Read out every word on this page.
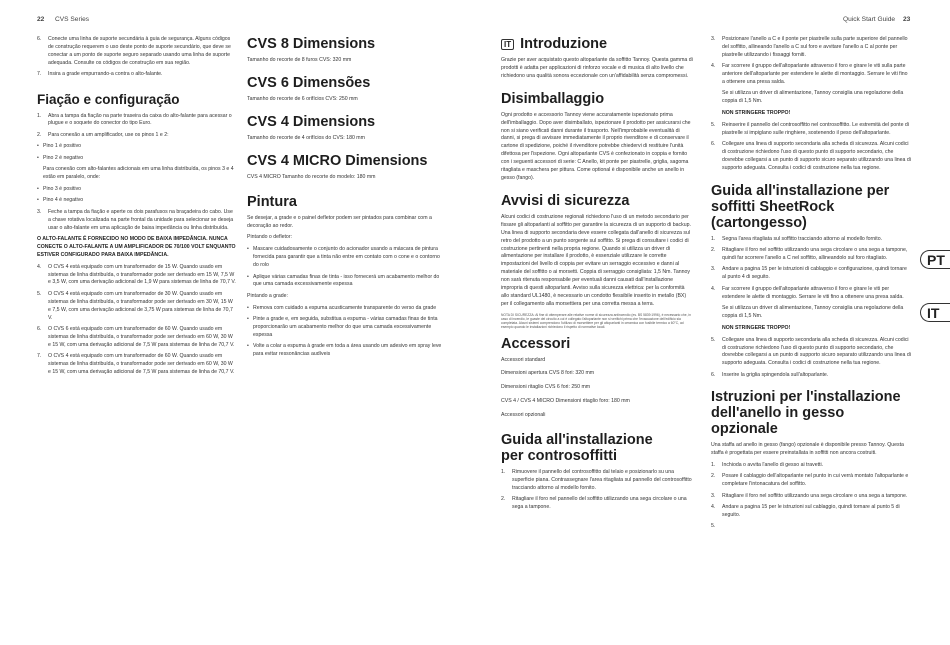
22 CVS Series	Quick Start Guide 23
6.	Conecte uma linha de suporte secundária à guia de segurança. Alguns códigos de construção requerem o uso deste ponto de suporte secundário, que deve se conectar a um ponto de suporte seguro separado usando uma linha de suporte adequada. Consulte os códigos de construção em sua região.
7.	Insira a grade empurrando-a contra o alto-falante.
Fiação e configuração
1.	Abra a tampa da fiação na parte traseira da caixa do alto-falante para acessar o plugue e o soquete do conector do tipo Euro.
2.	Para conexão a um amplificador, use os pinos 1 e 2:
• Pino 1 é positivo
• Pino 2 é negativo

Para conexão com alto-falantes adicionais em uma linha distribuída, os pinos 3 e 4 estão em paralelo, onde:

• Pino 3 é positivo
• Pino 4 é negativo
3.	Feche a tampa da fiação e aperte os dois parafusos na braçadeira do cabo. Use a chave rotativa localizada na parte frontal da unidade para selecionar se deseja usar o alto-falante em uma aplicação de baixa impedância ou linha distribuída.

O ALTO-FALANTE É FORNECIDO NO MODO DE BAIXA IMPEDÂNCIA. NUNCA CONECTE O ALTO-FALANTE A UM AMPLIFICADOR DE 70/100 VOLT ENQUANTO ESTIVER CONFIGURADO PARA BAIXA IMPEDÂNCIA.

4.	O CVS 4 está equipado com um transformador de 15 W. Quando usado em sistemas de linha distribuída, o transformador pode ser derivado em 15 W, 7,5 W e 3,5 W, com uma derivação adicional de 1,9 W para sistemas de linha de 70,7 V.
5.	O CVS 4 está equipado com um transformador de 30 W. Quando usado em sistemas de linha distribuída, o transformador pode ser derivado em 30 W, 15 W e 7,5 W, com uma derivação adicional de 3,75 W para sistemas de linha de 70,7 V.
6.	O CVS 6 está equipado com um transformador de 60 W. Quando usado em sistemas de linha distribuída, o transformador pode ser derivado em 60 W, 30 W e 15 W, com uma derivação adicional de 7,5 W para sistemas de linha de 70,7 V.
7.	O CVS 4 está equipado com um transformador de 60 W. Quando usado em sistemas de linha distribuída, o transformador pode ser derivado em 60 W, 30 W e 15 W, com uma derivação adicional de 7,5 W para sistemas de linha de 70,7 V.
CVS 8 Dimensions

Tamanho do recorte de 8 furos CVS: 320 mm

CVS 6 Dimensões

Tamanho do recorte de 6 orifícios CVS: 250 mm

CVS 4 Dimensions

Tamanho do recorte de 4 orifícios do CVS: 180 mm

CVS 4 MICRO Dimensions

CVS 4 MICRO Tamanho do recorte do modelo: 180 mm

Pintura

Se desejar, a grade e o painel defletor podem ser pintados para combinar com a decoração ao redor.

Pintando o defletor:

• Mascare cuidadosamente o conjunto do acionador usando a máscara de pintura fornecida para garantir que a tinta não entre em contato com o cone e o contorno do rolo
• Aplique várias camadas finas de tinta - isso fornecerá um acabamento melhor do que uma camada excessivamente espessa

Pintando a grade:

• Remova com cuidado a espuma acusticamente transparente do verso da grade
• Pinte a grade e, em seguida, substitua a espuma - várias camadas finas de tinta proporcionarão um acabamento melhor do que uma camada excessivamente espessa
• Volte a colar a espuma à grade em toda a área usando um adesivo em spray leve para evitar ressonâncias audíveis
IT Introduzione

Grazie per aver acquistato questo altoparlante da soffitto Tannoy. Questa gamma di prodotti è adatta per applicazioni di rinforzo vocale e di musica di alto livello che richiedono una qualità sonora eccezionale con un'affidabilità senza compromessi.

Disimballaggio

Ogni prodotto e accessorio Tannoy viene accuratamente ispezionato prima dell'imballaggio. Dopo aver disimballato, ispezionare il prodotto per assicurarsi che non si siano verificati danni durante il trasporto. Nell'improbabile eventualità di danni, si prega di avvisare immediatamente il proprio rivenditore e di conservare il cartone di spedizione, poiché il rivenditore potrebbe chiedervi di restituire l'unità difettosa per l'ispezione. Ogni altoparlante CVS è confezionato in coppia e fornito con i seguenti accessori di serie: C Anello, kit ponte per piastrelle, griglia, sagoma ritagliata e maschera per pittura. Come optional è disponibile anche un anello in gesso (fango).

Avvisi di sicurezza

Alcuni codici di costruzione regionali richiedono l'uso di un metodo secondario per fissare gli altoparlanti al soffitto per garantire la sicurezza di un supporto di backup. Una linea di supporto secondaria deve essere collegata dall'anello di sicurezza sul retro del prodotto a un punto sorgente sul soffitto. Si prega di consultare i codici di costruzione pertinenti nella propria regione. Quando si utilizza un driver di alimentazione per installare il prodotto, è essenziale utilizzare le corrette impostazioni del livello di coppia per evitare un serraggio eccessivo e danni al materiale del soffitto o ai morsetti. Coppia di serraggio consigliata: 1,5 Nm. Tannoy non sarà ritenuta responsabile per eventuali danni causati dall'installazione impropria di questi altoparlanti. Avviso sulla sicurezza elettrica: per la conformità allo standard UL1480, è necessario un condotto flessibile inserito in metallo (BX) per il collegamento alla morsettiera per una corretta messa a terra.

NOTA DI SICUREZZA: Al fine di ottemperare alle relative norme di sicurezza antincendio (es. BS 5839:1996), è necessario che, in caso di incendio, le guaste del circuito a cui è collegato l'altoparlante non si verifichi prima che l'evacuazione dell'edificio sia completata. Alcuni sistemi comprendono l'utilizzo di morsettiere per gli altoparlanti in ceramica con fusibile termico a 60°C, ad esempio quando le installazioni richiedono il rispetto di normative locali.

Accessori

Accessori standard

Dimensioni apertura CVS 8 fori: 320 mm

Dimensioni ritaglio CVS 6 fori: 250 mm

CVS 4 / CVS 4 MICRO Dimensioni ritaglio foro: 180 mm

Accessori opzionali

Guida all'installazione per controsoffitti
1.	Rimuovere il pannello del controsoffitto dal telaio e posizionarlo su una superficie piana. Contrassegnare l'area ritagliata sul pannello del controsoffitto tracciando attorno al modello fornito.
2.	Ritagliare il foro nel pannello del soffitto utilizzando una sega circolare o una sega a tampone.
3.	Posizionare l'anello a C e il ponte per piastrelle sulla parte superiore del pannello del soffitto, allineando l'anello a C sul foro e avvitare l'anello a C al ponte per piastrelle utilizzando i fissaggi forniti.
4.	Far scorrere il gruppo dell'altoparlante attraverso il foro e girare le viti sulla parte anteriore dell'altoparlante per estendere le alette di montaggio. Serrare le viti fino a ottenere una presa salda.

Se si utilizza un driver di alimentazione, Tannoy consiglia una regolazione della coppia di 1,5 Nm.

NON STRINGERE TROPPO!

5.	Reinserire il pannello del controsoffitto nel controsoffitto. Le estremità del ponte di piastrelle si impiglano sulle ringhiere, sostenendo il peso dell'altoparlante.
6.	Collegare una linea di supporto secondaria alla scheda di sicurezza. Alcuni codici di costruzione richiedono l'uso di questo punto di supporto secondario, che dovrebbe collegarsi a un punto di supporto sicuro separato utilizzando una linea di supporto adeguata. Consulta i codici di costruzione nella tua regione.
Guida all'installazione per soffitti SheetRock (cartongesso)
1.	Segna l'area ritagliata sul soffitto tracciando attorno al modello fornito.
2.	Ritagliare il foro nel soffitto utilizzando una sega circolare o una sega a tampone, quindi far scorrere l'anello a C nel soffitto, allineandolo sul foro ritagliato.
3.	Andare a pagina 15 per le istruzioni di cablaggio e configurazione, quindi tornare al punto 4 di seguito.
4.	Far scorrere il gruppo dell'altoparlante attraverso il foro e girare le viti per estendere le alette di montaggio. Serrare le viti fino a ottenere una presa salda.

Se si utilizza un driver di alimentazione, Tannoy consiglia una regolazione della coppia di 1,5 Nm.

NON STRINGERE TROPPO!

5.	Collegare una linea di supporto secondaria alla scheda di sicurezza. Alcuni codici di costruzione richiedono l'uso di questo punto di supporto secondario, che dovrebbe collegarsi a un punto di supporto sicuro separato utilizzando una linea di supporto adeguata. Consulta i codici di costruzione nella tua regione.
6.	Inserire la griglia spingendola sull'altoparlante.
Istruzioni per l'installazione dell'anello in gesso opzionale

Una staffa ad anello in gesso (fango) opzionale è disponibile presso Tannoy. Questa staffa è progettata per essere preinstallata in soffitti non ancora costruiti.

1.	Inchioda o avvita l'anello di gesso ai travetti.
2.	Posare il cablaggio dell'altoparlante nel punto in cui verrà montato l'altoparlante e completare l'intonacatura del soffitto.
3.	Ritagliare il foro nel soffitto utilizzando una sega circolare o una sega a tampone.
4.	Andare a pagina 15 per le istruzioni sul cablaggio, quindi tornare al punto 5 di seguito.
5.
PT
IT
